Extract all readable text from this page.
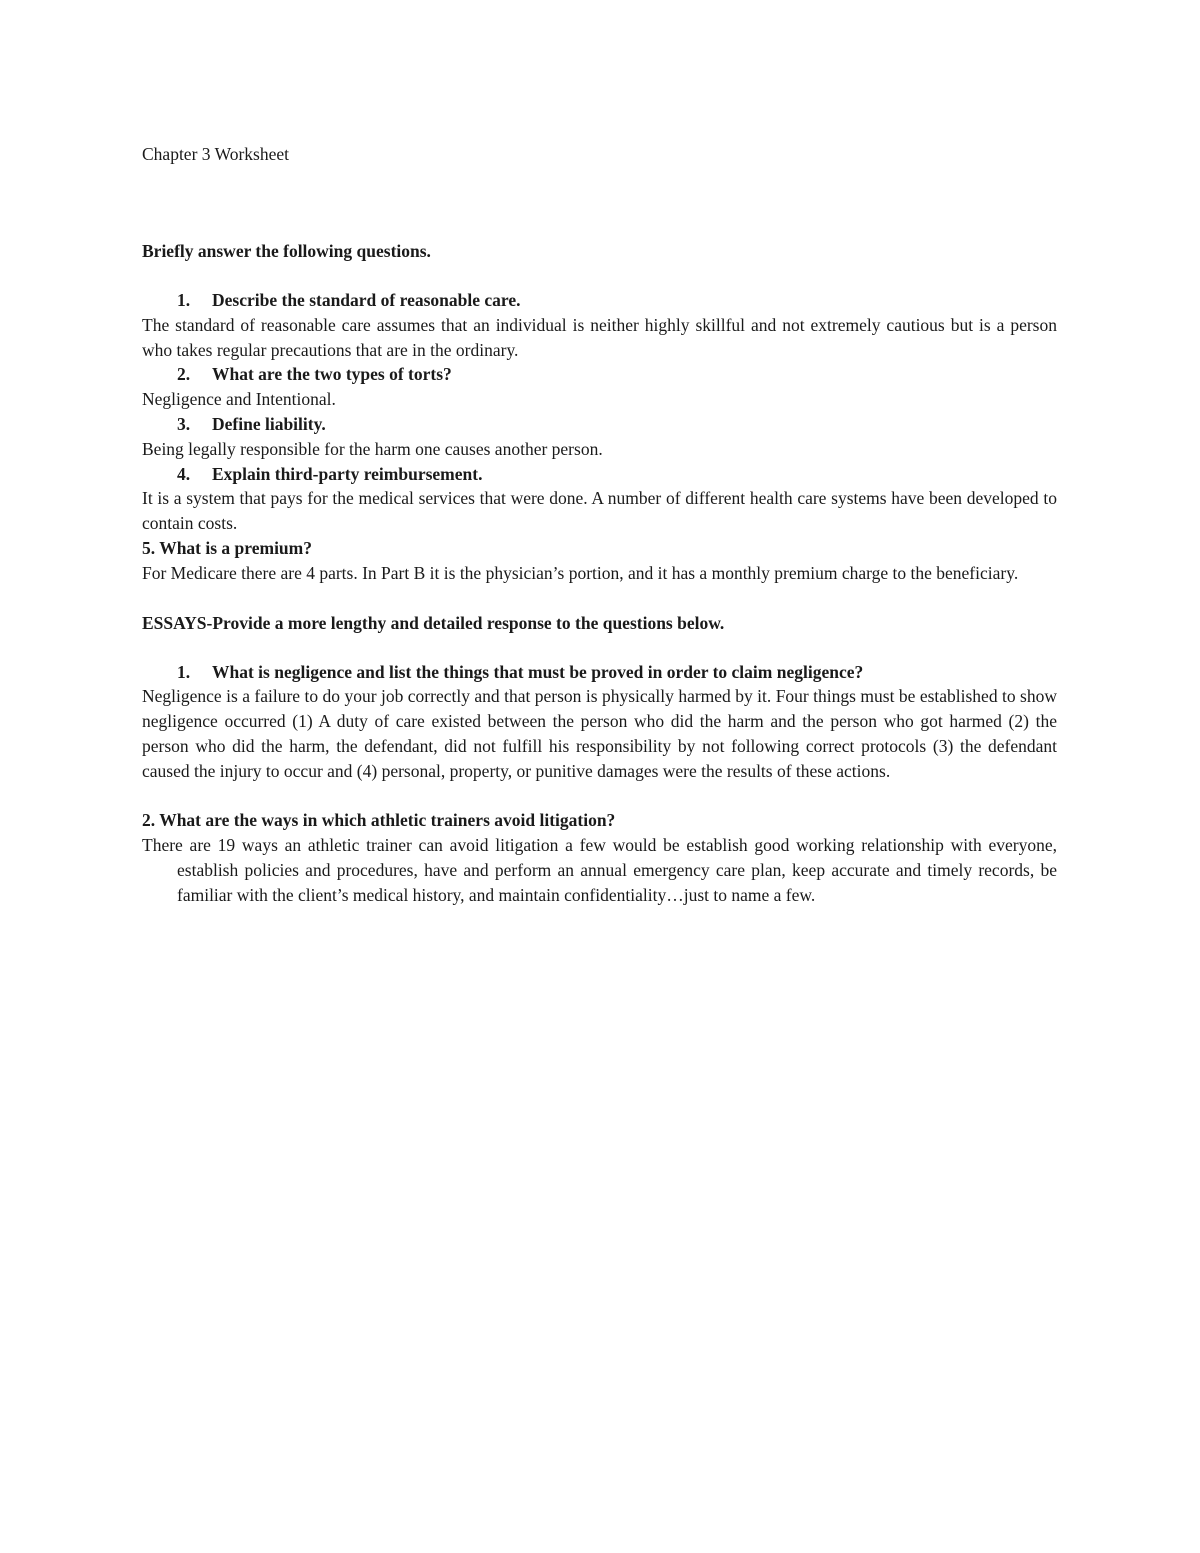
Chapter 3 Worksheet

Briefly answer the following questions.

1.	Describe the standard of reasonable care.

The standard of reasonable care assumes that an individual is neither highly skillful and not extremely cautious but is a person who takes regular precautions that are in the ordinary.

2.	What are the two types of torts?

Negligence and Intentional.

3.	Define liability.

Being legally responsible for the harm one causes another person.

4.	Explain third-party reimbursement.

It is a system that pays for the medical services that were done. A number of different health care systems have been developed to contain costs.

5. What is a premium?

For Medicare there are 4 parts. In Part B it is the physician’s portion, and it has a monthly premium charge to the beneficiary.

ESSAYS-Provide a more lengthy and detailed response to the questions below.

1.	What is negligence and list the things that must be proved in order to claim negligence?

Negligence is a failure to do your job correctly and that person is physically harmed by it. Four things must be established to show negligence occurred (1) A duty of care existed between the person who did the harm and the person who got harmed (2) the person who did the harm, the defendant, did not fulfill his responsibility by not following correct protocols (3) the defendant caused the injury to occur and (4) personal, property, or punitive damages were the results of these actions.

2. What are the ways in which athletic trainers avoid litigation?

There are 19 ways an athletic trainer can avoid litigation a few would be establish good working relationship with everyone, establish policies and procedures, have and perform an annual emergency care plan, keep accurate and timely records, be familiar with the client’s medical history, and maintain confidentiality…just to name a few.
